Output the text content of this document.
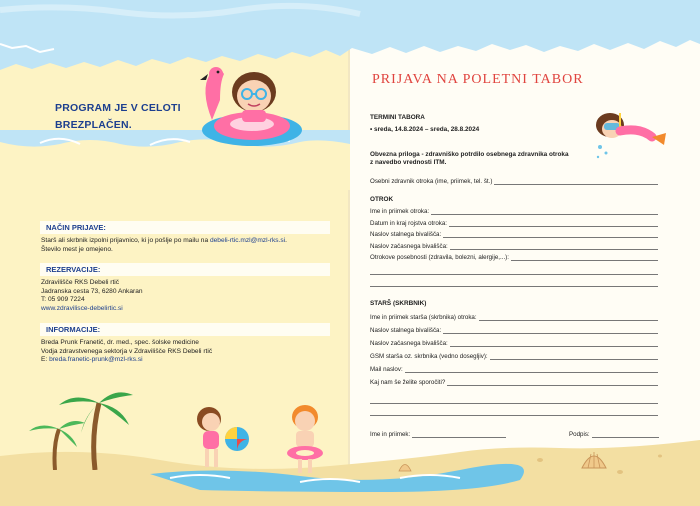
PROGRAM JE V CELOTI
BREZPLAČEN.
NAČIN PRIJAVE:
Starš ali skrbnik izpolni prijavnico, ki jo pošlje po mailu na debeli-rtic.mzl@mzl-rks.si.
Število mest je omejeno.
REZERVACIJE:
Zdravilišče RKS Debeli rtič
Jadranska cesta 73, 6280 Ankaran
T: 05 909 7224
www.zdravilisce-debelirtic.si
INFORMACIJE:
Breda Prunk Franetič, dr. med., spec. šolske medicine
Vodja zdravstvenega sektorja v Zdravilišče RKS Debeli rtič
E: breda.franetic-prunk@mzl-rks.si
PRIJAVA NA POLETNI TABOR
TERMINI TABORA
• sreda, 14.8.2024 – sreda, 28.8.2024
Obvezna priloga - zdravniško potrdilo osebnega zdravnika otroka
z navedbo vrednosti ITM.
Osebni zdravnik otroka (ime, priimek, tel. št.)
OTROK
Ime in priimek otroka:
Datum in kraj rojstva otroka:
Naslov stalnega bivališča:
Naslov začasnega bivališča:
Otrokove posebnosti (zdravila, bolezni, alergije,...):
STARŠ (SKRBNIK)
Ime in priimek starša (skrbnika) otroka:
Naslov stalnega bivališča:
Naslov začasnega bivališča:
GSM starša oz. skrbnika (vedno dosegljiv):
Mail naslov:
Kaj nam še želite sporočiti?
Ime in priimek:	Podpis:
